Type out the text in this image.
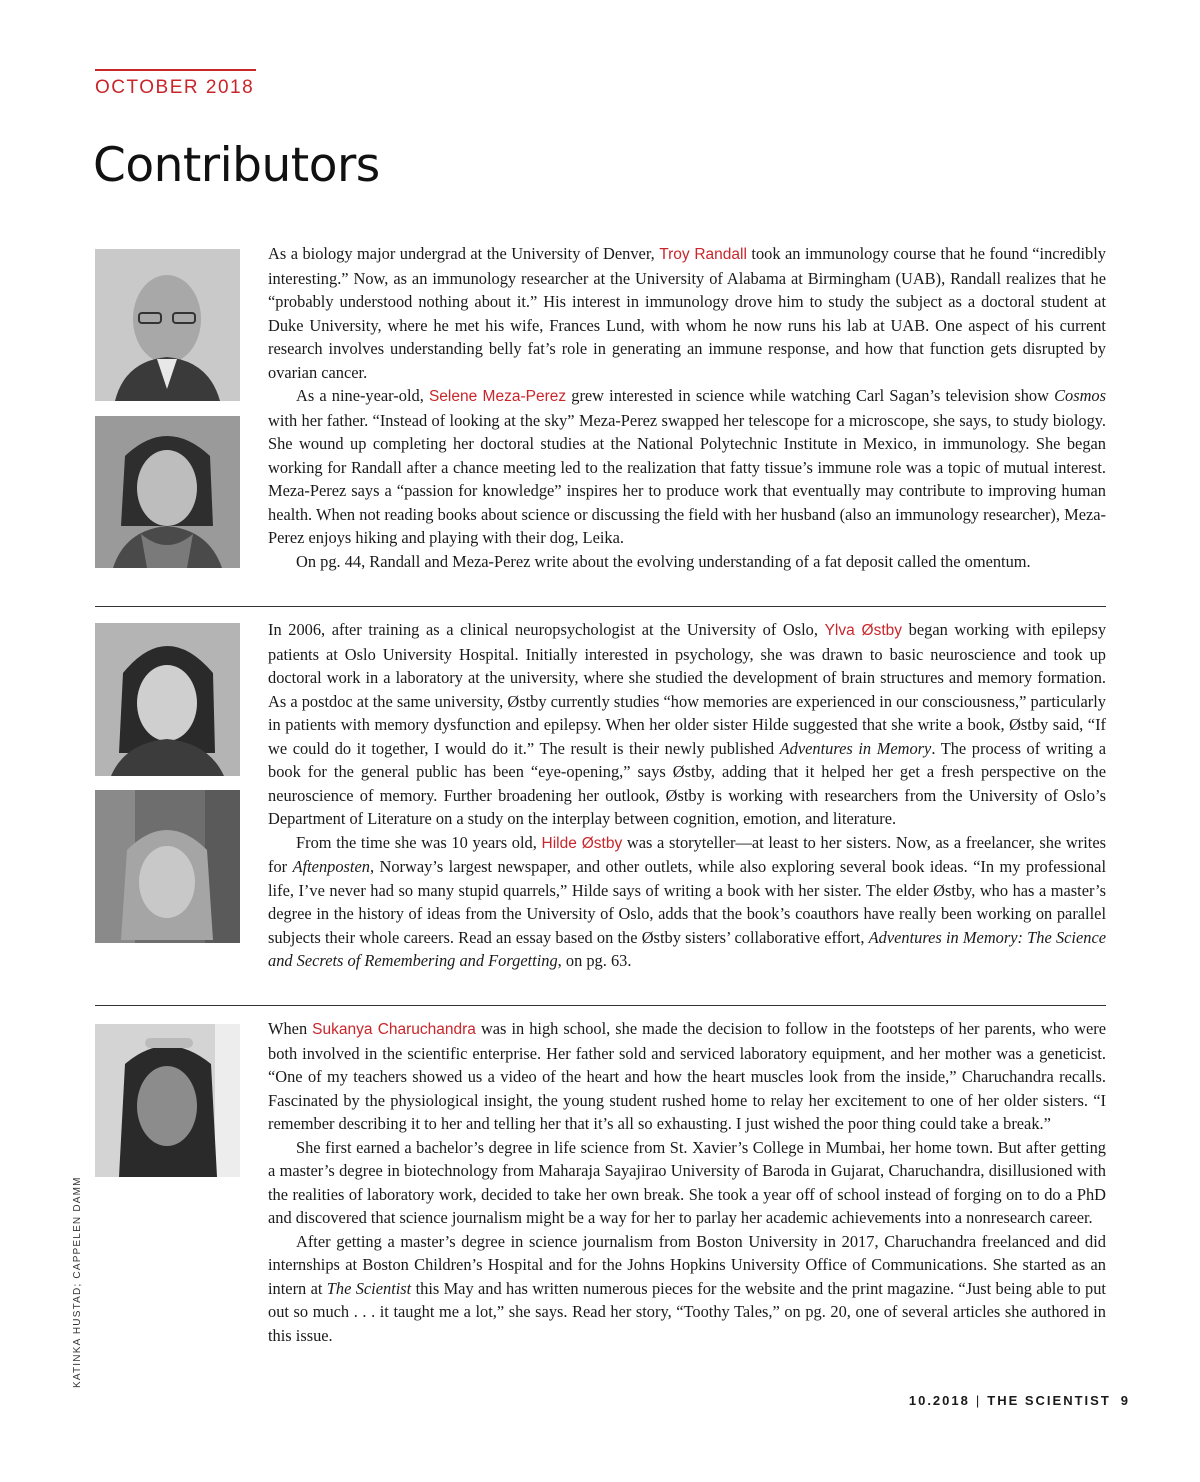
OCTOBER 2018
Contributors

As a biology major undergrad at the University of Denver, Troy Randall took an immunology course that he found “incredibly interesting.” Now, as an immunology researcher at the University of Alabama at Birmingham (UAB), Randall realizes that he “probably understood nothing about it.” His interest in immunology drove him to study the subject as a doctoral student at Duke University, where he met his wife, Frances Lund, with whom he now runs his lab at UAB. One aspect of his current research involves understanding belly fat’s role in generating an immune response, and how that function gets disrupted by ovarian cancer.

As a nine-year-old, Selene Meza-Perez grew interested in science while watching Carl Sagan’s television show Cosmos with her father. “Instead of looking at the sky” Meza-Perez swapped her telescope for a microscope, she says, to study biology. She wound up completing her doctoral studies at the National Polytechnic Institute in Mexico, in immunology. She began working for Randall after a chance meeting led to the realization that fatty tissue’s immune role was a topic of mutual interest. Meza-Perez says a “passion for knowledge” inspires her to produce work that eventually may contribute to improving human health. When not reading books about science or discussing the field with her husband (also an immunology researcher), Meza-Perez enjoys hiking and playing with their dog, Leika.

On pg. 44, Randall and Meza-Perez write about the evolving understanding of a fat deposit called the omentum.

In 2006, after training as a clinical neuropsychologist at the University of Oslo, Ylva Østby began working with epilepsy patients at Oslo University Hospital. Initially interested in psychology, she was drawn to basic neuroscience and took up doctoral work in a laboratory at the university, where she studied the development of brain structures and memory formation. As a postdoc at the same university, Østby currently studies “how memories are experienced in our consciousness,” particularly in patients with memory dysfunction and epilepsy. When her older sister Hilde suggested that she write a book, Østby said, “If we could do it together, I would do it.” The result is their newly published Adventures in Memory. The process of writing a book for the general public has been “eye-opening,” says Østby, adding that it helped her get a fresh perspective on the neuroscience of memory. Further broadening her outlook, Østby is working with researchers from the University of Oslo’s Department of Literature on a study on the interplay between cognition, emotion, and literature.

From the time she was 10 years old, Hilde Østby was a storyteller—at least to her sisters. Now, as a freelancer, she writes for Aftenposten, Norway’s largest newspaper, and other outlets, while also exploring several book ideas. “In my professional life, I’ve never had so many stupid quarrels,” Hilde says of writing a book with her sister. The elder Østby, who has a master’s degree in the history of ideas from the University of Oslo, adds that the book’s coauthors have really been working on parallel subjects their whole careers. Read an essay based on the Østby sisters’ collaborative effort, Adventures in Memory: The Science and Secrets of Remembering and Forgetting, on pg. 63.

When Sukanya Charuchandra was in high school, she made the decision to follow in the footsteps of her parents, who were both involved in the scientific enterprise. Her father sold and serviced laboratory equipment, and her mother was a geneticist. “One of my teachers showed us a video of the heart and how the heart muscles look from the inside,” Charuchandra recalls. Fascinated by the physiological insight, the young student rushed home to relay her excitement to one of her older sisters. “I remember describing it to her and telling her that it’s all so exhausting. I just wished the poor thing could take a break.”

She first earned a bachelor’s degree in life science from St. Xavier’s College in Mumbai, her home town. But after getting a master’s degree in biotechnology from Maharaja Sayajirao University of Baroda in Gujarat, Charuchandra, disillusioned with the realities of laboratory work, decided to take her own break. She took a year off of school instead of forging on to do a PhD and discovered that science journalism might be a way for her to parlay her academic achievements into a nonresearch career.

After getting a master’s degree in science journalism from Boston University in 2017, Charuchandra freelanced and did internships at Boston Children’s Hospital and for the Johns Hopkins University Office of Communications. She started as an intern at The Scientist this May and has written numerous pieces for the website and the print magazine. “Just being able to put out so much . . . it taught me a lot,” she says. Read her story, “Toothy Tales,” on pg. 20, one of several articles she authored in this issue.

KATINKA HUSTAD; CAPPELEN DAMM
10.2018 | THE SCIENTIST 9
